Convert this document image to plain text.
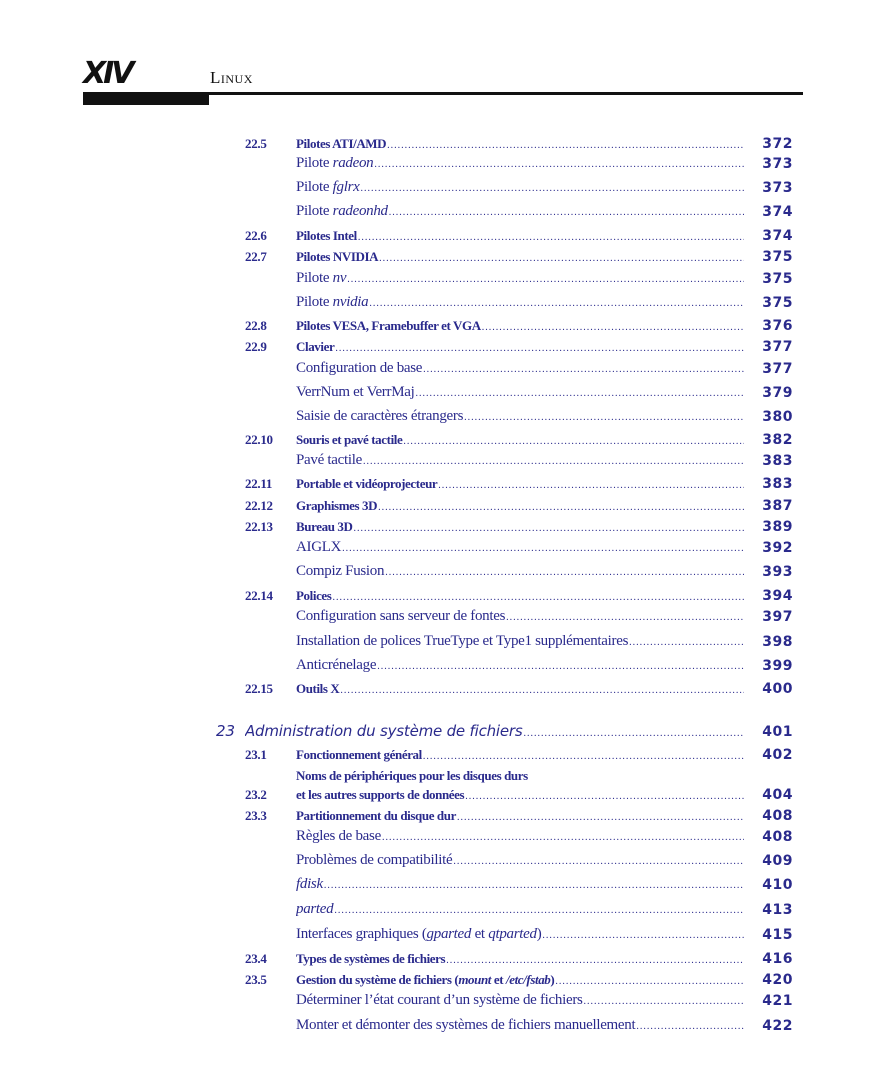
XIV	Linux
22.5 Pilotes ATI/AMD .....	372
Pilote radeon .....	373
Pilote fglrx .....	373
Pilote radeonhd .....	374
22.6 Pilotes Intel .....	374
22.7 Pilotes NVIDIA .....	375
Pilote nv .....	375
Pilote nvidia .....	375
22.8 Pilotes VESA, Framebuffer et VGA .....	376
22.9 Clavier .....	377
Configuration de base .....	377
VerrNum et VerrMaj .....	379
Saisie de caractères étrangers .....	380
22.10 Souris et pavé tactile .....	382
Pavé tactile .....	383
22.11 Portable et vidéoprojecteur .....	383
22.12 Graphismes 3D .....	387
22.13 Bureau 3D .....	389
AIGLX .....	392
Compiz Fusion .....	393
22.14 Polices .....	394
Configuration sans serveur de fontes .....	397
Installation de polices TrueType et Type1 supplémentaires .....	398
Anticrénelage .....	399
22.15 Outils X .....	400
23 Administration du système de fichiers .....	401
23.1 Fonctionnement général .....	402
23.2
Noms de périphériques pour les disques durs
et les autres supports de données .....	404
23.3 Partitionnement du disque dur .....	408
Règles de base .....	408
Problèmes de compatibilité .....	409
fdisk .....	410
parted .....	413
Interfaces graphiques (gparted et qtparted) .....	415
23.4 Types de systèmes de fichiers .....	416
23.5 Gestion du système de fichiers (mount et /etc/fstab) .....	420
Déterminer l’état courant d’un système de fichiers .....	421
Monter et démonter des systèmes de fichiers manuellement .....	422
